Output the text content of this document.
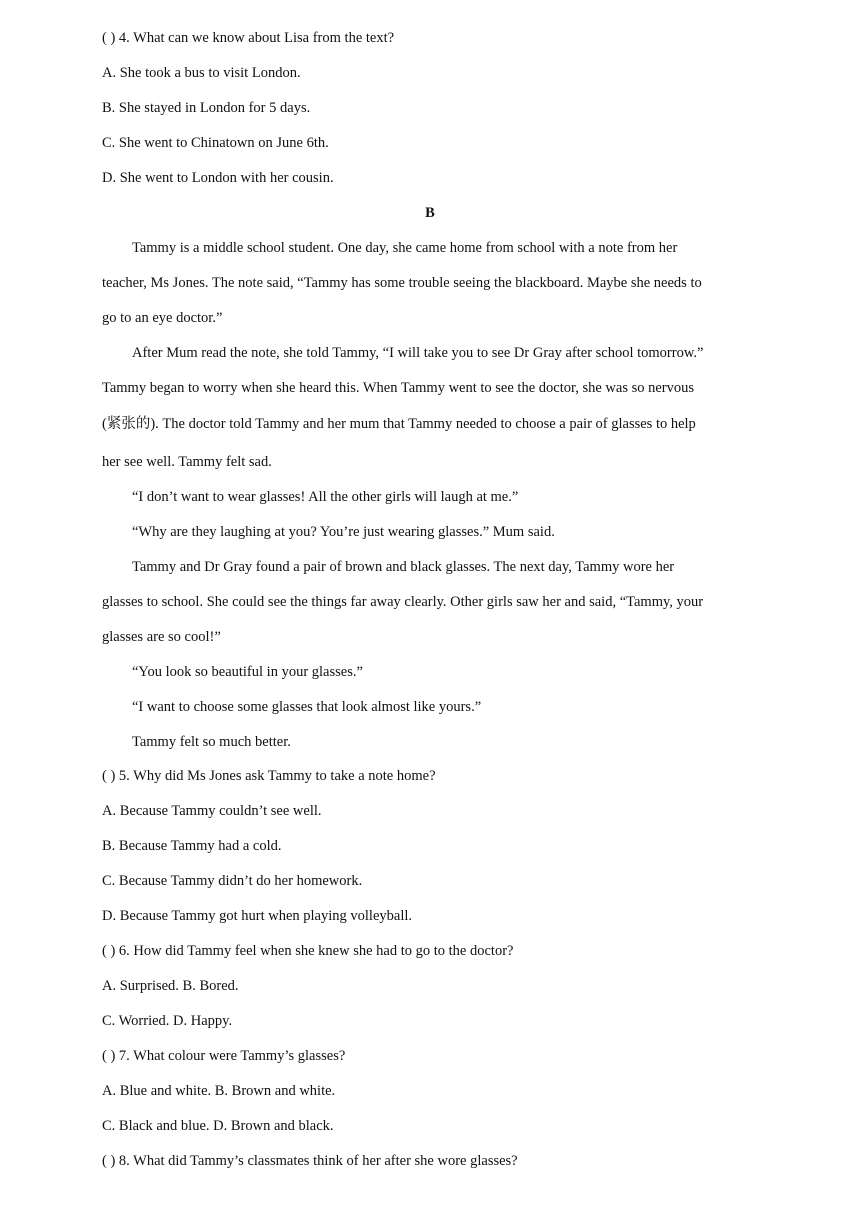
( ) 4. What can we know about Lisa from the text?
A. She took a bus to visit London.
B. She stayed in London for 5 days.
C. She went to Chinatown on June 6th.
D. She went to London with her cousin.
B
Tammy is a middle school student. One day, she came home from school with a note from her
teacher, Ms Jones. The note said, “Tammy has some trouble seeing the blackboard. Maybe she needs to
go to an eye doctor.”
After Mum read the note, she told Tammy, “I will take you to see Dr Gray after school tomorrow.”
Tammy began to worry when she heard this. When Tammy went to see the doctor, she was so nervous
(紧张的). The doctor told Tammy and her mum that Tammy needed to choose a pair of glasses to help
her see well. Tammy felt sad.
“I don’t want to wear glasses! All the other girls will laugh at me.”
“Why are they laughing at you? You’re just wearing glasses.” Mum said.
Tammy and Dr Gray found a pair of brown and black glasses. The next day, Tammy wore her
glasses to school. She could see the things far away clearly. Other girls saw her and said, “Tammy, your
glasses are so cool!”
“You look so beautiful in your glasses.”
“I want to choose some glasses that look almost like yours.”
Tammy felt so much better.
( ) 5. Why did Ms Jones ask Tammy to take a note home?
A. Because Tammy couldn’t see well.
B. Because Tammy had a cold.
C. Because Tammy didn’t do her homework.
D. Because Tammy got hurt when playing volleyball.
( ) 6. How did Tammy feel when she knew she had to go to the doctor?
A. Surprised. B. Bored.
C. Worried. D. Happy.
( ) 7. What colour were Tammy’s glasses?
A. Blue and white. B. Brown and white.
C. Black and blue. D. Brown and black.
( ) 8. What did Tammy’s classmates think of her after she wore glasses?
